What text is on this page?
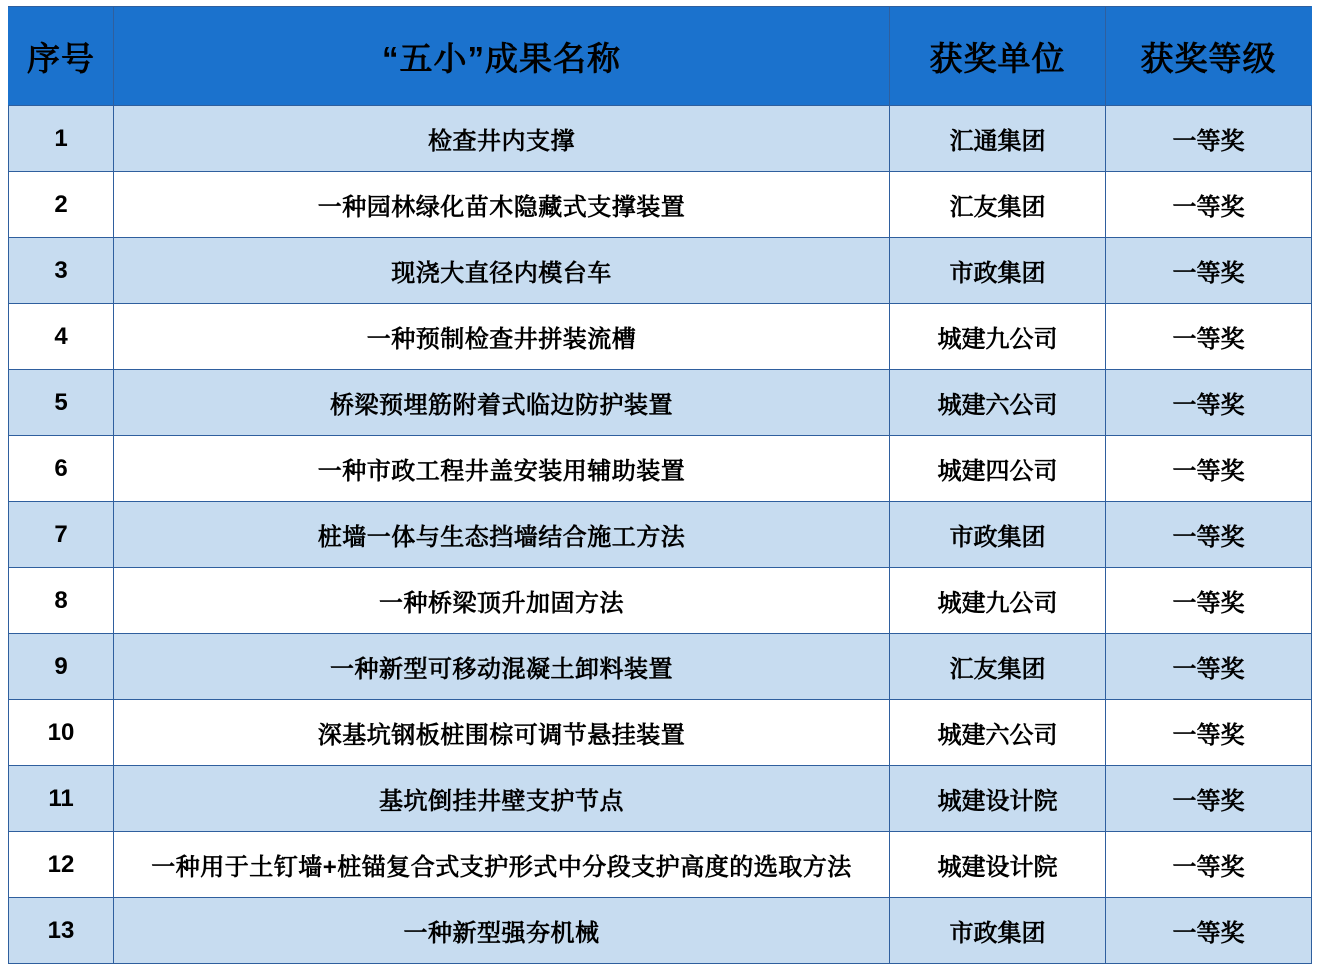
序号	“五小”成果名称	获奖单位	获奖等级
1	检查井内支撑	汇通集团	一等奖
2	一种园林绿化苗木隐藏式支撑装置	汇友集团	一等奖
3	现浇大直径内模台车	市政集团	一等奖
4	一种预制检查井拼装流槽	城建九公司	一等奖
5	桥梁预埋筋附着式临边防护装置	城建六公司	一等奖
6	一种市政工程井盖安装用辅助装置	城建四公司	一等奖
7	桩墙一体与生态挡墙结合施工方法	市政集团	一等奖
8	一种桥梁顶升加固方法	城建九公司	一等奖
9	一种新型可移动混凝土卸料装置	汇友集团	一等奖
10	深基坑钢板桩围棕可调节悬挂装置	城建六公司	一等奖
11	基坑倒挂井壁支护节点	城建设计院	一等奖
12	一种用于土钉墙+桩锚复合式支护形式中分段支护高度的选取方法	城建设计院	一等奖
13	一种新型强夯机械	市政集团	一等奖
